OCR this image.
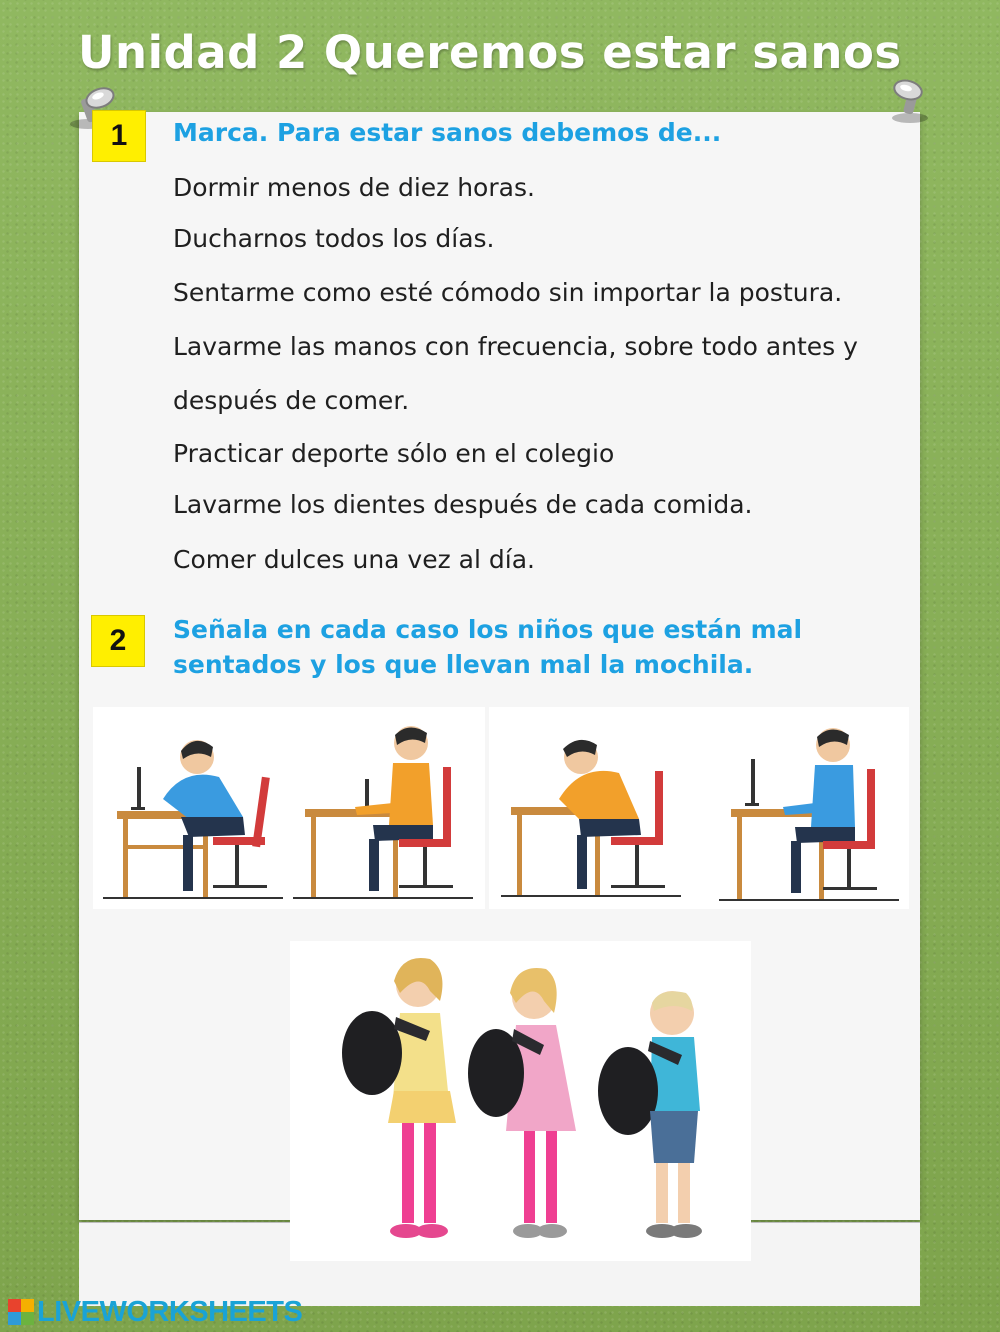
Unidad 2 Queremos estar sanos
1	Marca. Para estar sanos debemos de...
Dormir menos de diez horas.
Ducharnos todos los días.
Sentarme como esté cómodo sin importar la postura.
Lavarme las manos con frecuencia, sobre todo antes y
después de comer.
Practicar deporte sólo en el colegio
Lavarme los dientes después de cada comida.
Comer dulces una vez al día.
2	Señala en cada caso los niños que están mal
sentados y los que llevan mal la mochila.
LIVEWORKSHEETS
